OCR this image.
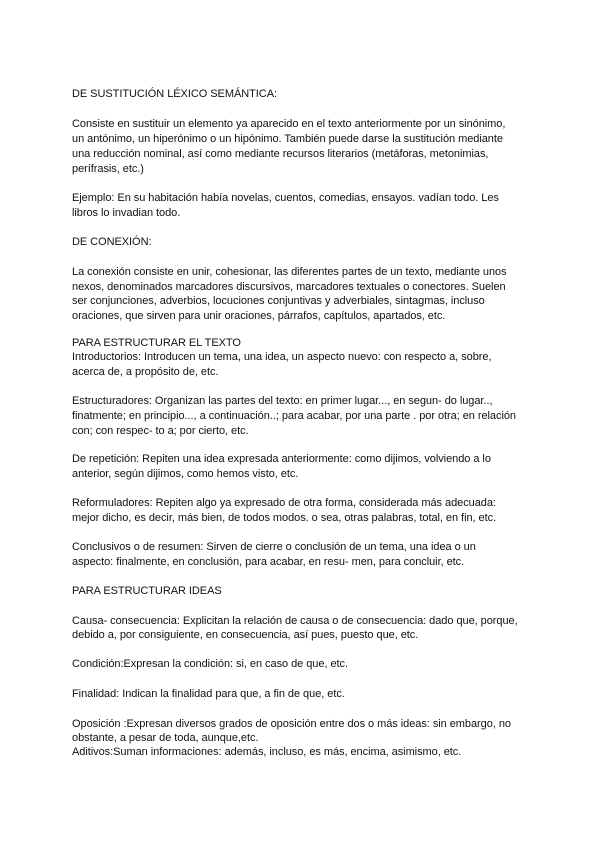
DE SUSTITUCIÓN LÉXICO SEMÁNTICA:
Consiste en sustituir un elemento ya aparecido en el texto anteriormente por un sinónimo,
un antónimo, un hiperónimo o un hipónimo. También puede darse la sustitución mediante
una reducción nominal, así como mediante recursos literarios (metáforas, metonimias,
perífrasis, etc.)
Ejemplo: En su habitación había novelas, cuentos, comedias, ensayos. vadían todo. Les
libros lo invadian todo.
DE CONEXIÓN:
La conexión consiste en unir, cohesionar, las diferentes partes de un texto, mediante unos
nexos, denominados marcadores discursivos, marcadores textuales o conectores. Suelen
ser conjunciones, adverbios, locuciones conjuntivas y adverbiales, sintagmas, incluso
oraciones, que sirven para unir oraciones, párrafos, capítulos, apartados, etc.
PARA ESTRUCTURAR EL TEXTO
Introductorios: Introducen un tema, una idea, un aspecto nuevo: con respecto a, sobre,
acerca de, a propósito de, etc.
Estructuradores: Organizan las partes del texto: en primer lugar..., en segun- do lugar..,
finatmente; en principio..., a continuación..; para acabar, por una parte . por otra; en relación
con; con respec- to a; por cierto, etc.
De repetición: Repiten una idea expresada anteriormente: como dijimos, volviendo a lo
anterior, según dijimos, como hemos visto, etc.
Reformuladores: Repiten algo ya expresado de otra forma, considerada más adecuada:
mejor dicho, es decir, más bien, de todos modos. o sea, otras palabras, total, en fin, etc.
Conclusivos o de resumen: Sirven de cierre o conclusión de un tema, una idea o un
aspecto: finalmente, en conclusión, para acabar, en resu- men, para concluir, etc.
PARA ESTRUCTURAR IDEAS
Causa- consecuencia: Explicitan la relación de causa o de consecuencia: dado que, porque,
debido a, por consiguiente, en consecuencia, así pues, puesto que, etc.
Condición:Expresan la condición: si, en caso de que, etc.
Finalidad: Indican la finalidad para que, a fin de que, etc.
Oposición :Expresan diversos grados de oposición entre dos o más ideas: sin embargo, no
obstante, a pesar de toda, aunque,etc.
Aditivos:Suman informaciones: además, incluso, es más, encima, asimismo, etc.
